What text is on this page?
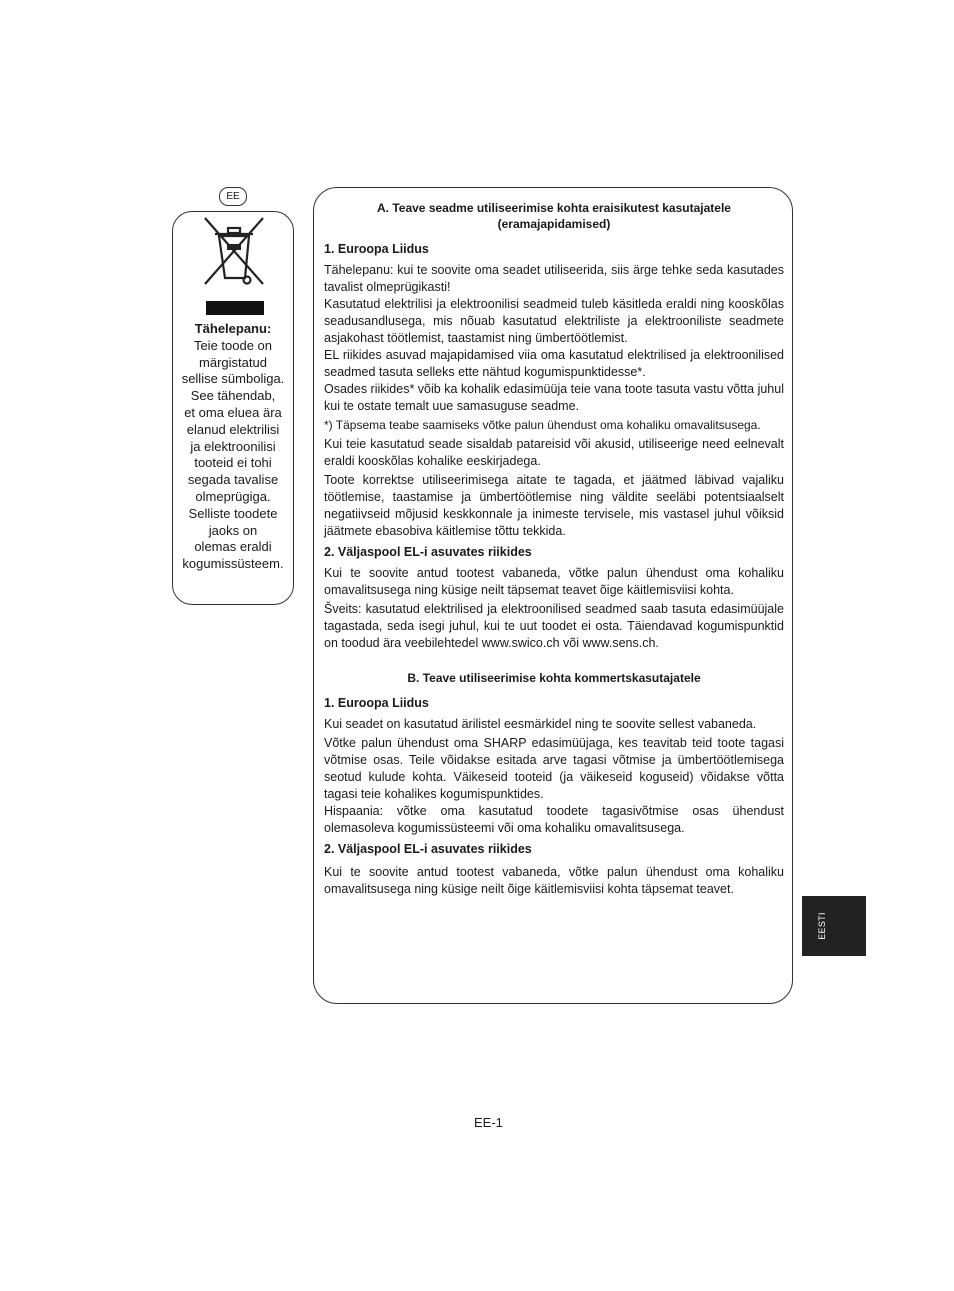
EE
Tähelepanu:
Teie toode on
märgistatud
sellise sümboliga.
See tähendab,
et oma eluea ära
elanud elektrilisi
ja elektroonilisi
tooteid ei tohi
segada tavalise
olmeprügiga.
Selliste toodete
jaoks on
olemas eraldi
kogumissüsteem.
A. Teave seadme utiliseerimise kohta eraisikutest kasutajatele
(eramajapidamised)
1. Euroopa Liidus

Tähelepanu: kui te soovite oma seadet utiliseerida, siis ärge tehke seda kasutades tavalist olmeprügikasti!

Kasutatud elektrilisi ja elektroonilisi seadmeid tuleb käsitleda eraldi ning kooskõlas seadusandlusega, mis nõuab kasutatud elektriliste ja elektrooniliste seadmete asjakohast töötlemist, taastamist ning ümbertöötlemist.

EL riikides asuvad majapidamised viia oma kasutatud elektrilised ja elektroonilised seadmed tasuta selleks ette nähtud kogumispunktidesse*.

Osades riikides* võib ka kohalik edasimüüja teie vana toote tasuta vastu võtta juhul kui te ostate temalt uue samasuguse seadme.

*) Täpsema teabe saamiseks võtke palun ühendust oma kohaliku omavalitsusega.

Kui teie kasutatud seade sisaldab patareisid või akusid, utiliseerige need eelnevalt eraldi kooskõlas kohalike eeskirjadega.

Toote korrektse utiliseerimisega aitate te tagada, et jäätmed läbivad vajaliku töötlemise, taastamise ja ümbertöötlemise ning väldite seeläbi potentsiaalselt negatiivseid mõjusid keskkonnale ja inimeste tervisele, mis vastasel juhul võiksid jäätmete ebasobiva käitlemise tõttu tekkida.

2. Väljaspool EL-i asuvates riikides

Kui te soovite antud tootest vabaneda, võtke palun ühendust oma kohaliku omavalitsusega ning küsige neilt täpsemat teavet õige käitlemisviisi kohta.

Šveits: kasutatud elektrilised ja elektroonilised seadmed saab tasuta edasimüüjale tagastada, seda isegi juhul, kui te uut toodet ei osta. Täiendavad kogumispunktid on toodud ära veebilehtedel www.swico.ch või www.sens.ch.

B. Teave utiliseerimise kohta kommertskasutajatele
1. Euroopa Liidus

Kui seadet on kasutatud ärilistel eesmärkidel ning te soovite sellest vabaneda.

Võtke palun ühendust oma SHARP edasimüüjaga, kes teavitab teid toote tagasi võtmise osas. Teile võidakse esitada arve tagasi võtmise ja ümbertöötlemisega seotud kulude kohta. Väikeseid tooteid (ja väikeseid koguseid) võidakse võtta tagasi teie kohalikes kogumispunktides.

Hispaania: võtke oma kasutatud toodete tagasivõtmise osas ühendust olemasoleva kogumissüsteemi või oma kohaliku omavalitsusega.

2. Väljaspool EL-i asuvates riikides

Kui te soovite antud tootest vabaneda, võtke palun ühendust oma kohaliku omavalitsusega ning küsige neilt õige käitlemisviisi kohta täpsemat teavet.

EESTI
EE-1
